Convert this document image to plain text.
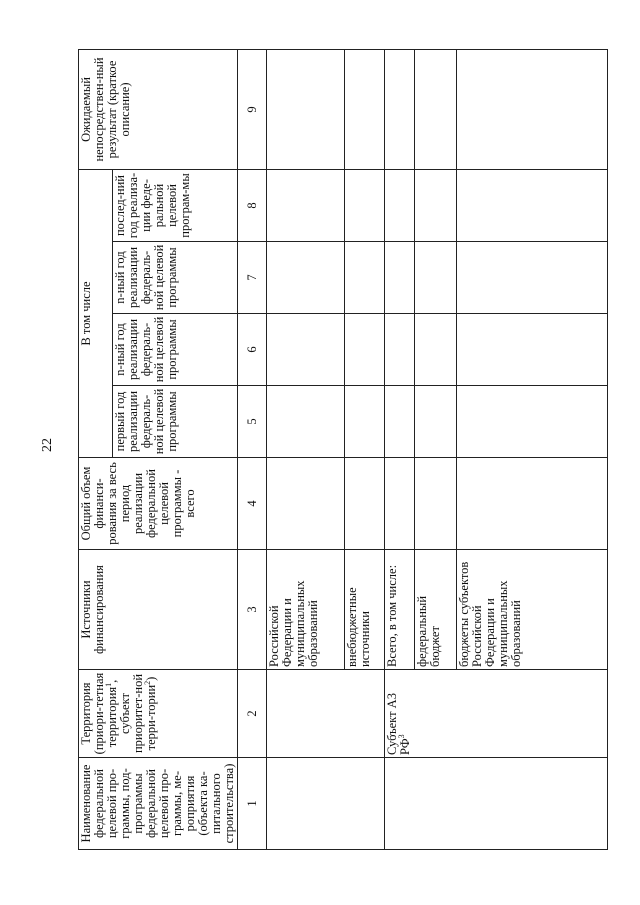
22
Наименование федеральной целевой про-граммы, под-программы федеральной целевой про-граммы, ме-роприятия (объекта ка-питального строительства)	Территория (приори-тетная территория$^1$, субъект приоритет-ной терри-тории$^2$)	Источники финансирования	Общий объем финанси-рования за весь период реализации федеральной целевой программы - всего	В том числе				Ожидаемый непосредствен-ный результат (краткое описание)
				первый год реализации федераль-ной целевой программы	n-ный год реализации федераль-ной целевой программы	n-ный год реализации федераль-ной целевой программы	послед-ний год реализа-ции феде-ральной целевой програм-мы	
1	2	3	4	5	6	7	8	9
		Российской Федерации и муниципальных образований						
		внебюджетные источники						
	Субъект А3 $РФ^3$	Всего, в том числе:						
		федеральный бюджет						
		бюджеты субъектов Российской Федерации и муниципальных образований						
